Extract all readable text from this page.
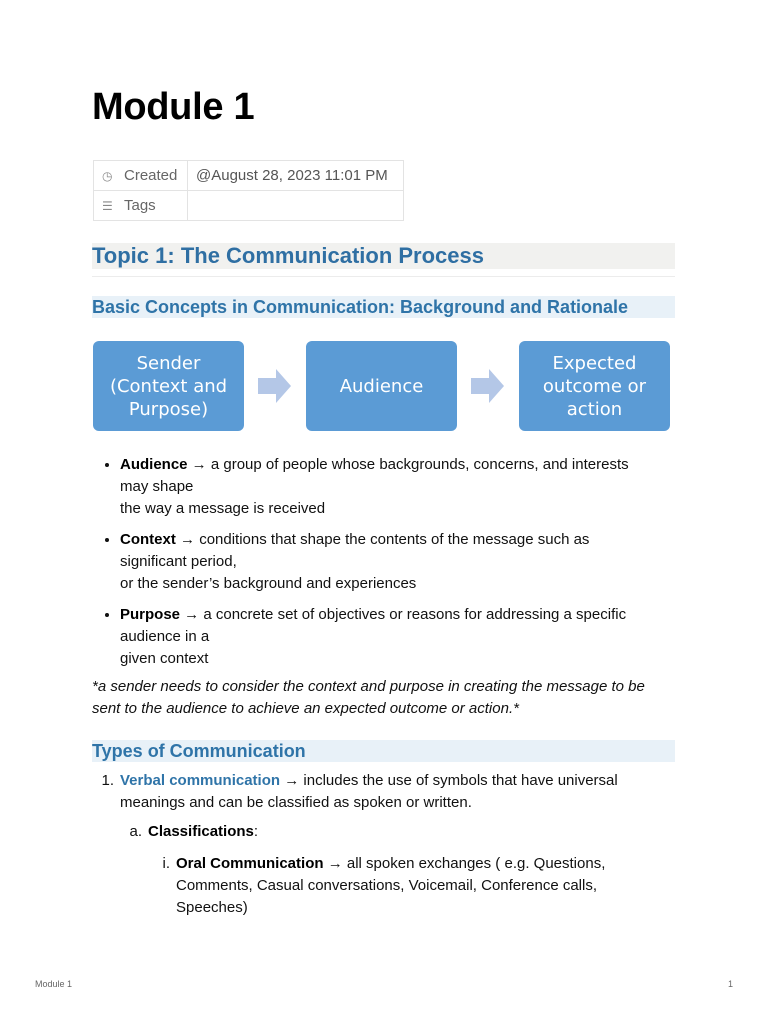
Module 1
◷ Created	@August 28, 2023 11:01 PM
☰ Tags	
Topic 1: The Communication Process
Basic Concepts in Communication: Background and Rationale
Sender
(Context and
Purpose)
Audience
Expected
outcome or
action
• Audience → a group of people whose backgrounds, concerns, and interests
may shape
the way a message is received
• Context → conditions that shape the contents of the message such as
significant period,
or the sender’s background and experiences
• Purpose → a concrete set of objectives or reasons for addressing a specific
audience in a
given context

*a sender needs to consider the context and purpose in creating the message to be
sent to the audience to achieve an expected outcome or action.*

Types of Communication
1. Verbal communication → includes the use of symbols that have universal
meanings and can be classified as spoken or written.
a. Classifications:
i. Oral Communication → all spoken exchanges ( e.g. Questions,
Comments, Casual conversations, Voicemail, Conference calls,
Speeches)
Module 1	1
